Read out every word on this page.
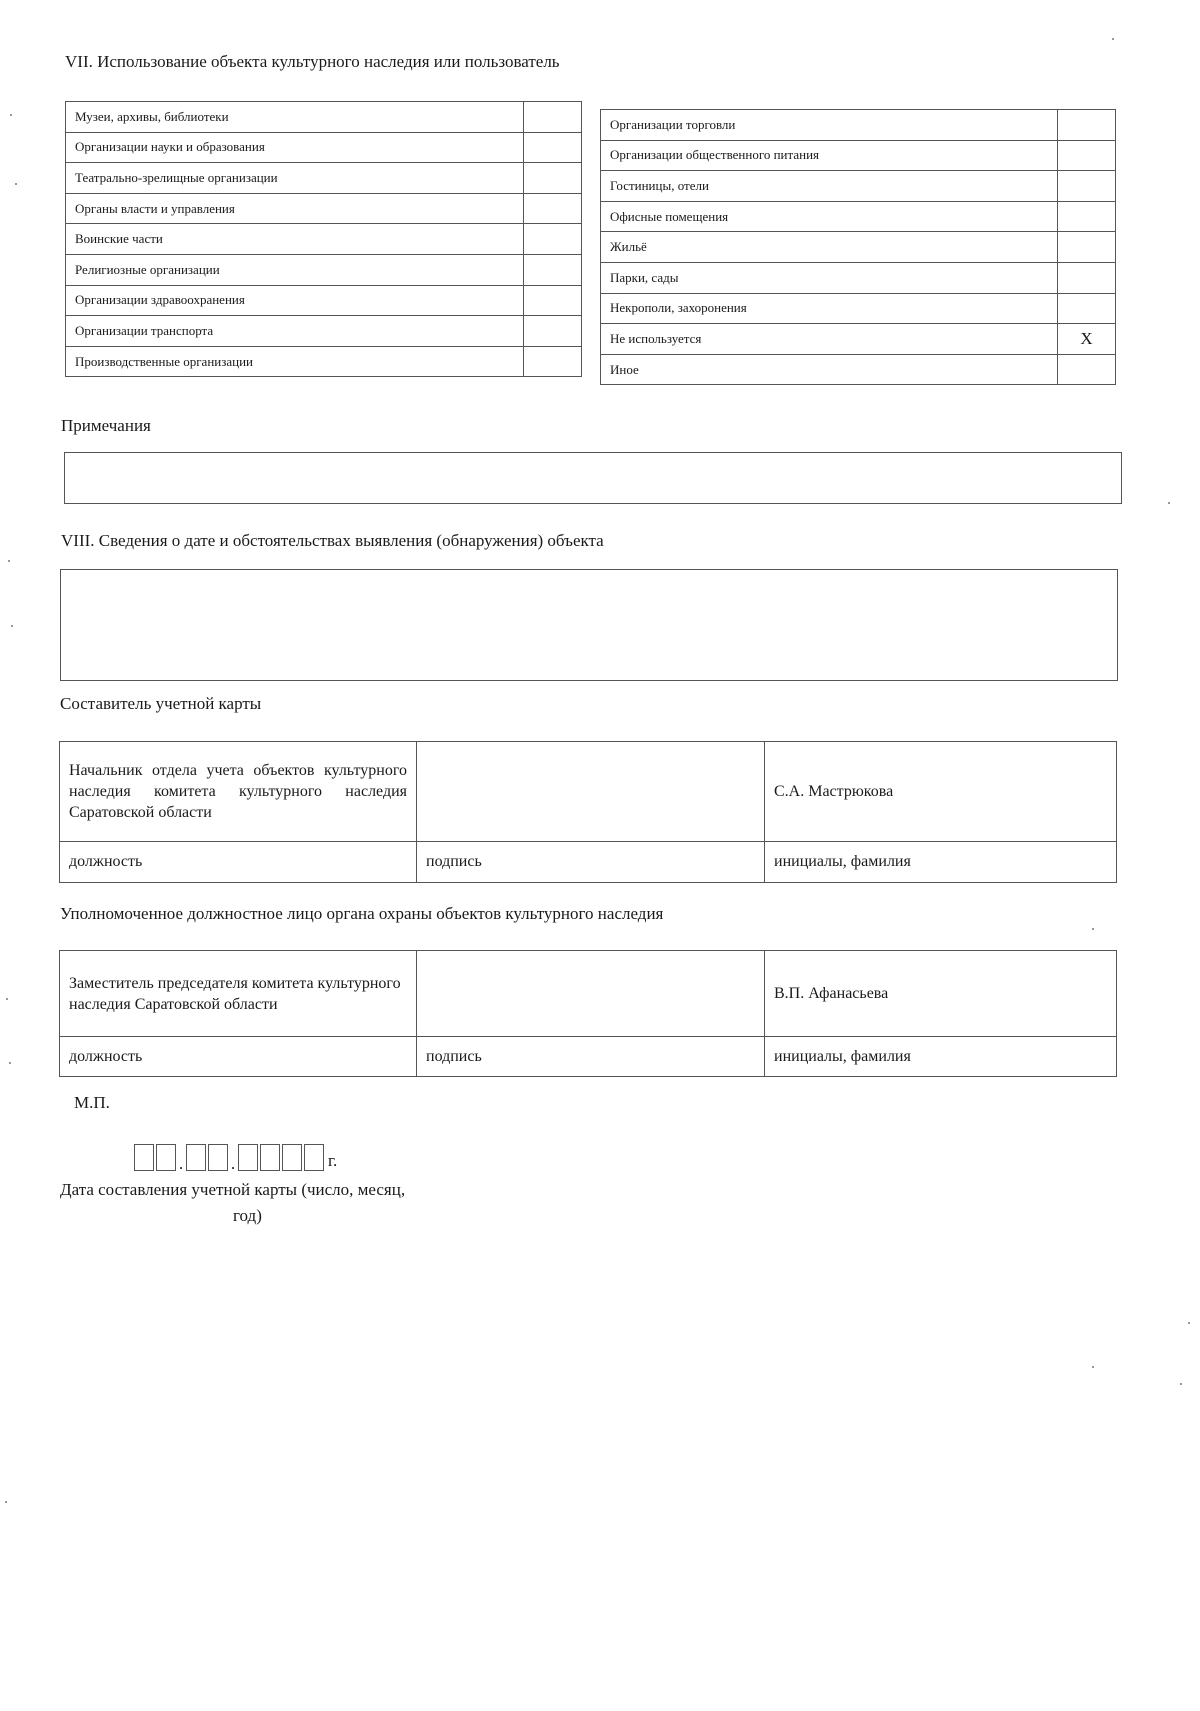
VII. Использование объекта культурного наследия или пользователь
Музеи, архивы, библиотеки	
Организации науки и образования	
Театрально-зрелищные организации	
Органы власти и управления	
Воинские части	
Религиозные организации	
Организации здравоохранения	
Организации транспорта	
Производственные организации	
Организации торговли	
Организации общественного питания	
Гостиницы, отели	
Офисные помещения	
Жильё	
Парки, сады	
Некрополи, захоронения	
Не используется	X
Иное	
Примечания
VIII. Сведения о дате и обстоятельствах выявления (обнаружения) объекта
Составитель учетной карты
Начальник отдела учета объектов культурного наследия комитета культурного наследия Саратовской области		С.А. Мастрюкова
должность	подпись	инициалы, фамилия
Уполномоченное должностное лицо органа охраны объектов культурного наследия
Заместитель председателя комитета культурного наследия Саратовской области		В.П. Афанасьева
должность	подпись	инициалы, фамилия
М.П.
.	.	г.
Дата составления учетной карты (число, месяц,
год)
